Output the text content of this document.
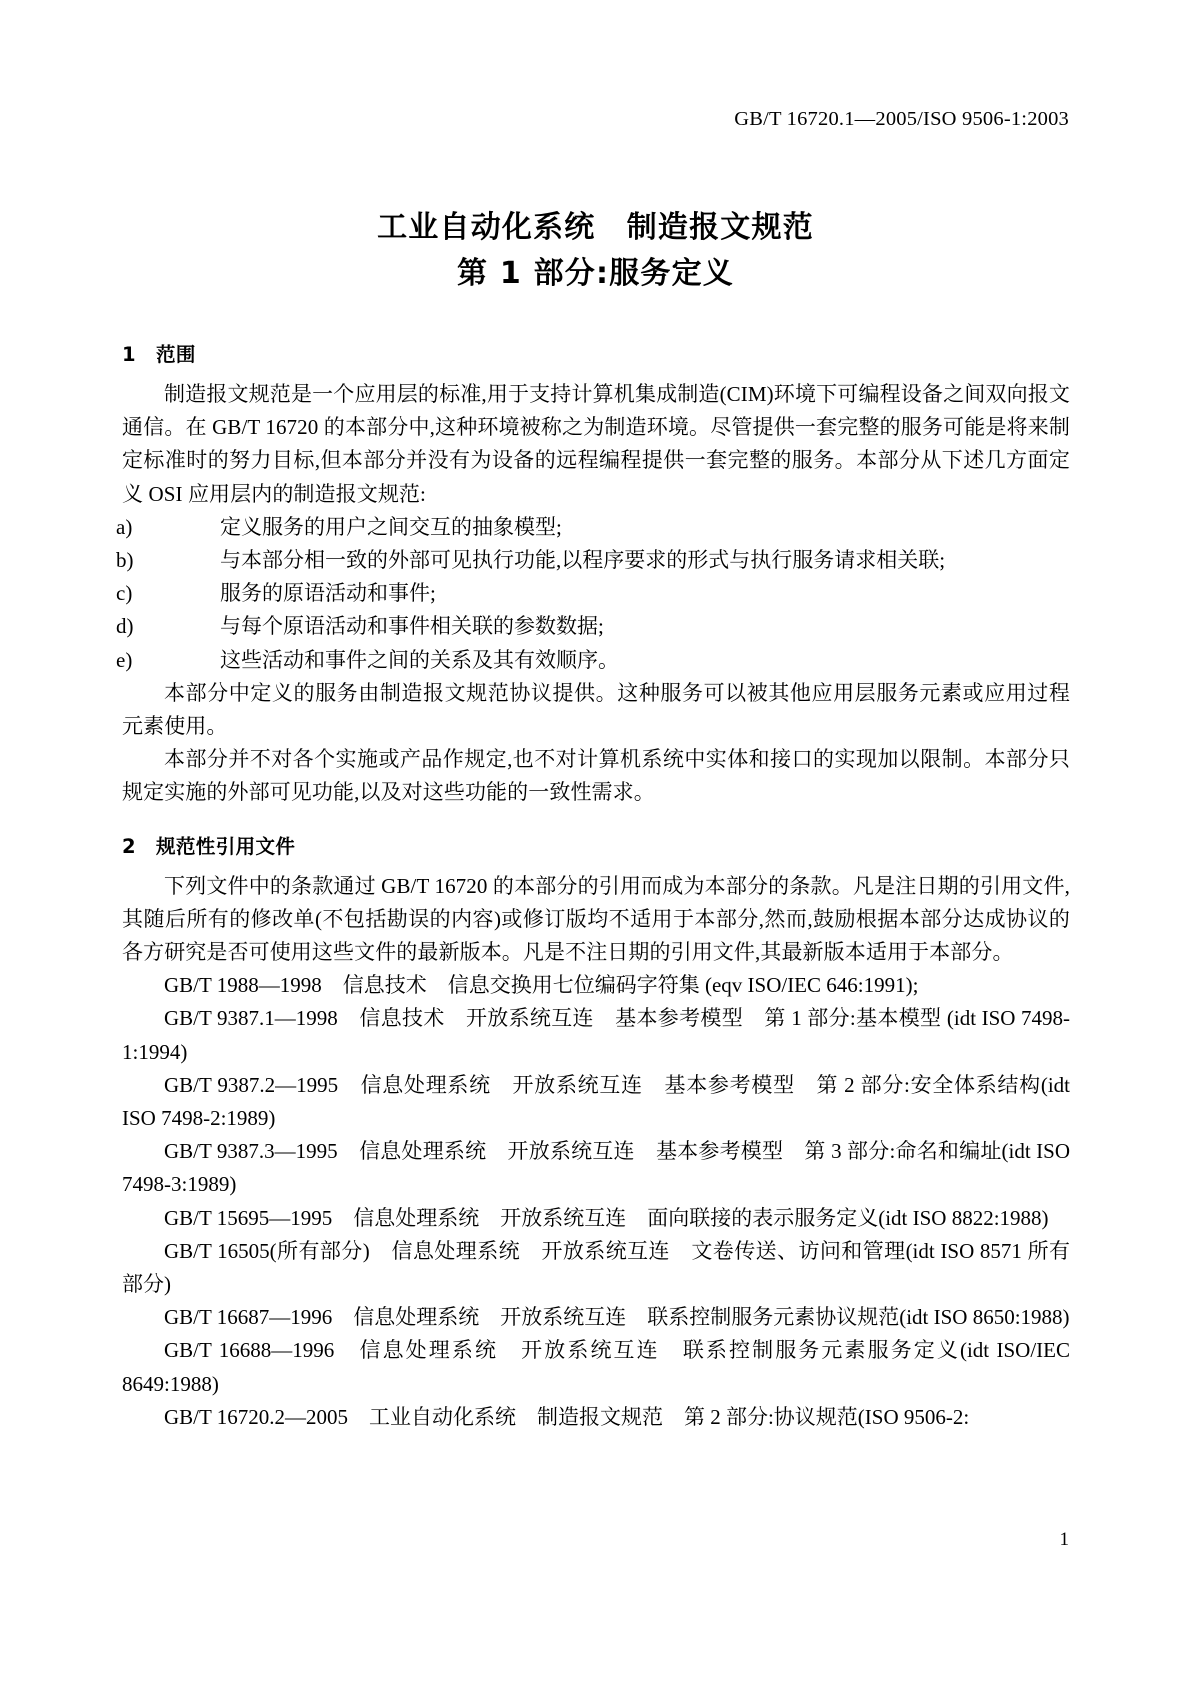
GB/T 16720.1—2005/ISO 9506-1:2003
工业自动化系统　制造报文规范
第 1 部分:服务定义
1 范围

制造报文规范是一个应用层的标准,用于支持计算机集成制造(CIM)环境下可编程设备之间双向报文通信。在 GB/T 16720 的本部分中,这种环境被称之为制造环境。尽管提供一套完整的服务可能是将来制定标准时的努力目标,但本部分并没有为设备的远程编程提供一套完整的服务。本部分从下述几方面定义 OSI 应用层内的制造报文规范:

a)	定义服务的用户之间交互的抽象模型;
b)	与本部分相一致的外部可见执行功能,以程序要求的形式与执行服务请求相关联;
c)	服务的原语活动和事件;
d)	与每个原语活动和事件相关联的参数数据;
e)	这些活动和事件之间的关系及其有效顺序。

本部分中定义的服务由制造报文规范协议提供。这种服务可以被其他应用层服务元素或应用过程元素使用。

本部分并不对各个实施或产品作规定,也不对计算机系统中实体和接口的实现加以限制。本部分只规定实施的外部可见功能,以及对这些功能的一致性需求。

2 规范性引用文件

下列文件中的条款通过 GB/T 16720 的本部分的引用而成为本部分的条款。凡是注日期的引用文件,其随后所有的修改单(不包括勘误的内容)或修订版均不适用于本部分,然而,鼓励根据本部分达成协议的各方研究是否可使用这些文件的最新版本。凡是不注日期的引用文件,其最新版本适用于本部分。

GB/T 1988—1998　信息技术　信息交换用七位编码字符集 (eqv ISO/IEC 646:1991);
GB/T 9387.1—1998　信息技术　开放系统互连　基本参考模型　第 1 部分:基本模型 (idt ISO 7498-1:1994)
GB/T 9387.2—1995　信息处理系统　开放系统互连　基本参考模型　第 2 部分:安全体系结构(idt ISO 7498-2:1989)
GB/T 9387.3—1995　信息处理系统　开放系统互连　基本参考模型　第 3 部分:命名和编址(idt ISO 7498-3:1989)
GB/T 15695—1995　信息处理系统　开放系统互连　面向联接的表示服务定义(idt ISO 8822:1988)
GB/T 16505(所有部分)　信息处理系统　开放系统互连　文卷传送、访问和管理(idt ISO 8571 所有部分)
GB/T 16687—1996　信息处理系统　开放系统互连　联系控制服务元素协议规范(idt ISO 8650:1988)
GB/T 16688—1996　信息处理系统　开放系统互连　联系控制服务元素服务定义(idt ISO/IEC 8649:1988)
GB/T 16720.2—2005　工业自动化系统　制造报文规范　第 2 部分:协议规范(ISO 9506-2:
1
